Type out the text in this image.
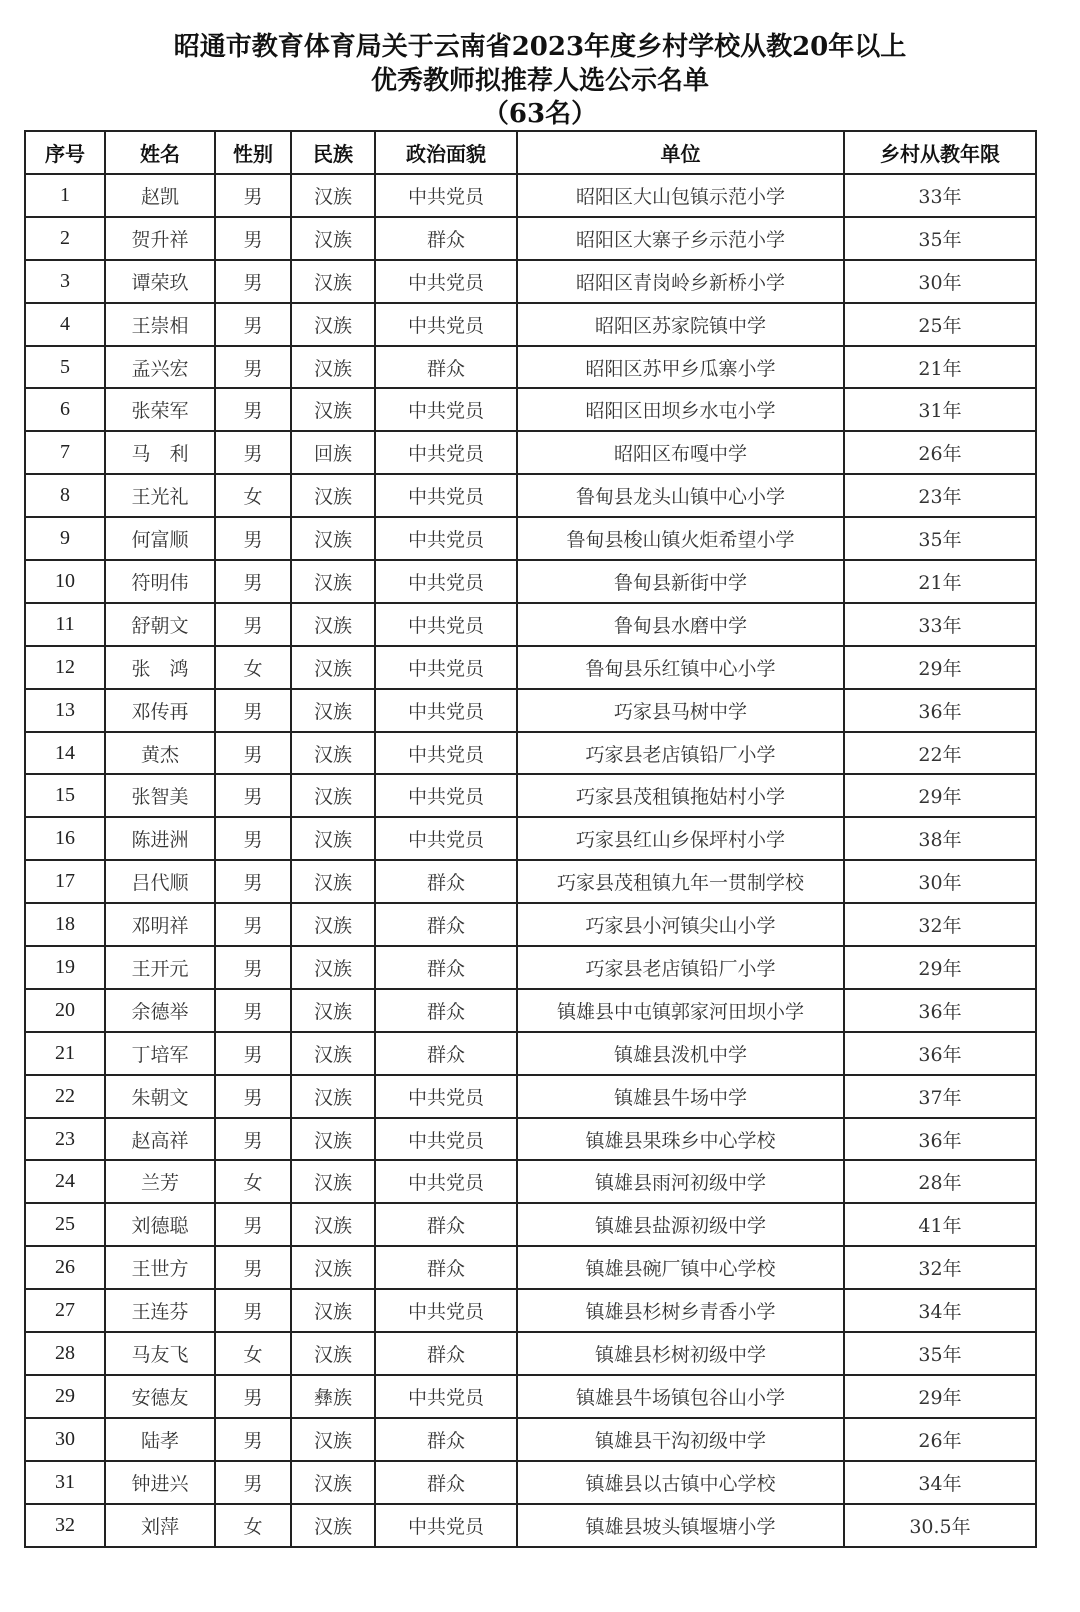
昭通市教育体育局关于云南省2023年度乡村学校从教20年以上
优秀教师拟推荐人选公示名单
（63名）
序号	姓名	性别	民族	政治面貌	单位	乡村从教年限
1	赵凯	男	汉族	中共党员	昭阳区大山包镇示范小学	33年
2	贺升祥	男	汉族	群众	昭阳区大寨子乡示范小学	35年
3	谭荣玖	男	汉族	中共党员	昭阳区青岗岭乡新桥小学	30年
4	王崇相	男	汉族	中共党员	昭阳区苏家院镇中学	25年
5	孟兴宏	男	汉族	群众	昭阳区苏甲乡瓜寨小学	21年
6	张荣军	男	汉族	中共党员	昭阳区田坝乡水屯小学	31年
7	马　利	男	回族	中共党员	昭阳区布嘎中学	26年
8	王光礼	女	汉族	中共党员	鲁甸县龙头山镇中心小学	23年
9	何富顺	男	汉族	中共党员	鲁甸县梭山镇火炬希望小学	35年
10	符明伟	男	汉族	中共党员	鲁甸县新街中学	21年
11	舒朝文	男	汉族	中共党员	鲁甸县水磨中学	33年
12	张　鸿	女	汉族	中共党员	鲁甸县乐红镇中心小学	29年
13	邓传再	男	汉族	中共党员	巧家县马树中学	36年
14	黄杰	男	汉族	中共党员	巧家县老店镇铅厂小学	22年
15	张智美	男	汉族	中共党员	巧家县茂租镇拖姑村小学	29年
16	陈进洲	男	汉族	中共党员	巧家县红山乡保坪村小学	38年
17	吕代顺	男	汉族	群众	巧家县茂租镇九年一贯制学校	30年
18	邓明祥	男	汉族	群众	巧家县小河镇尖山小学	32年
19	王开元	男	汉族	群众	巧家县老店镇铅厂小学	29年
20	余德举	男	汉族	群众	镇雄县中屯镇郭家河田坝小学	36年
21	丁培军	男	汉族	群众	镇雄县泼机中学	36年
22	朱朝文	男	汉族	中共党员	镇雄县牛场中学	37年
23	赵高祥	男	汉族	中共党员	镇雄县果珠乡中心学校	36年
24	兰芳	女	汉族	中共党员	镇雄县雨河初级中学	28年
25	刘德聪	男	汉族	群众	镇雄县盐源初级中学	41年
26	王世方	男	汉族	群众	镇雄县碗厂镇中心学校	32年
27	王连芬	男	汉族	中共党员	镇雄县杉树乡青香小学	34年
28	马友飞	女	汉族	群众	镇雄县杉树初级中学	35年
29	安德友	男	彝族	中共党员	镇雄县牛场镇包谷山小学	29年
30	陆孝	男	汉族	群众	镇雄县干沟初级中学	26年
31	钟进兴	男	汉族	群众	镇雄县以古镇中心学校	34年
32	刘萍	女	汉族	中共党员	镇雄县坡头镇堰塘小学	30.5年
